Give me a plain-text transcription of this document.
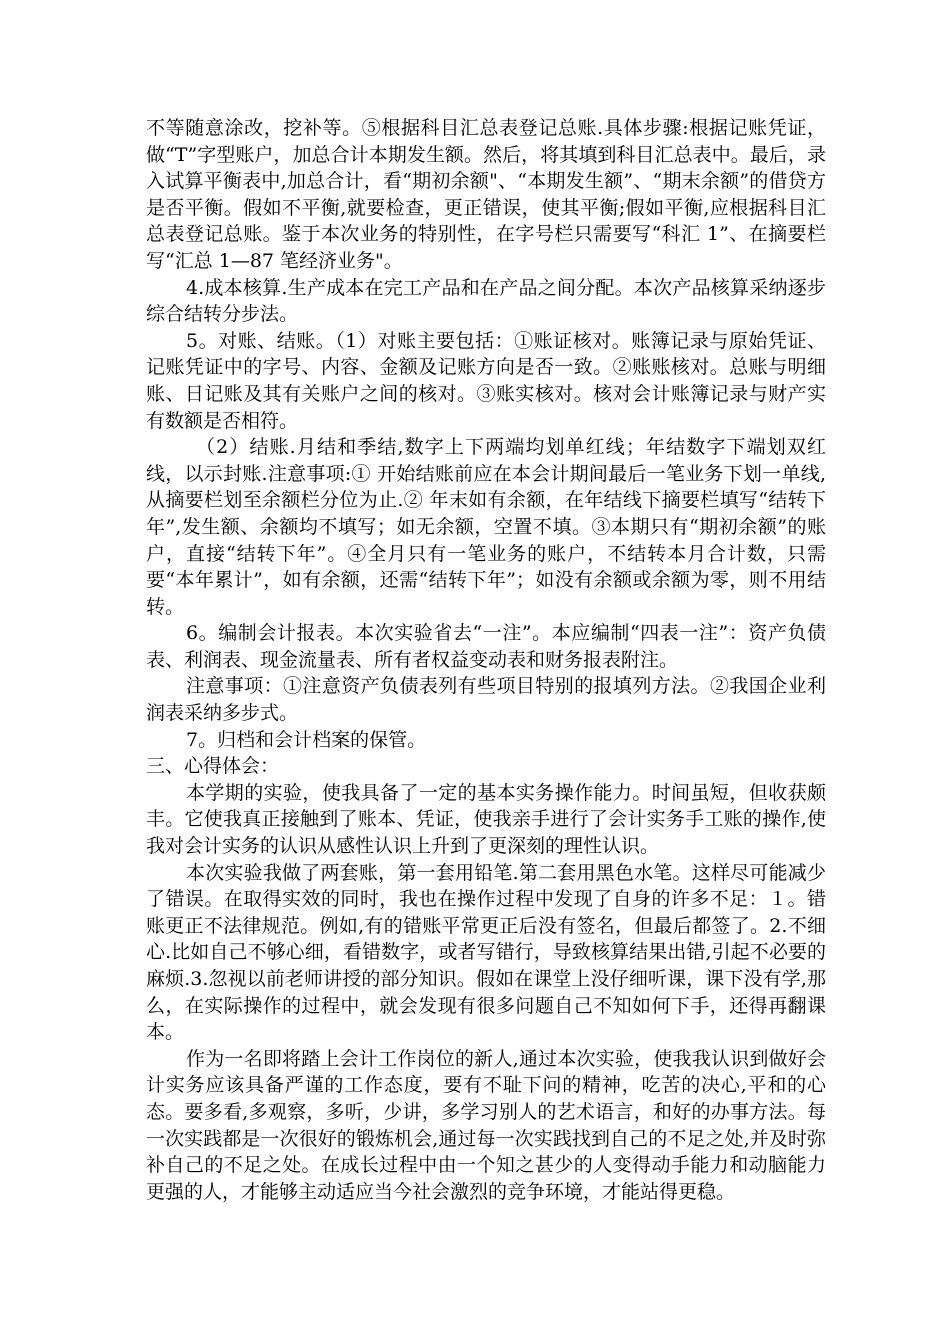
不等随意涂改，挖补等。⑤根据科目汇总表登记总账.具体步骤:根据记账凭证，做“T”字型账户，加总合计本期发生额。然后，将其填到科目汇总表中。最后，录入试算平衡表中,加总合计，看“期初余额"、“本期发生额”、“期末余额”的借贷方是否平衡。假如不平衡,就要检查，更正错误，使其平衡;假如平衡,应根据科目汇总表登记总账。鉴于本次业务的特别性，在字号栏只需要写“科汇 1”、在摘要栏写“汇总 1—87 笔经济业务"。

4.成本核算.生产成本在完工产品和在产品之间分配。本次产品核算采纳逐步综合结转分步法。

5。对账、结账。（1）对账主要包括：①账证核对。账簿记录与原始凭证、记账凭证中的字号、内容、金额及记账方向是否一致。②账账核对。总账与明细账、日记账及其有关账户之间的核对。③账实核对。核对会计账簿记录与财产实有数额是否相符。

（2）结账.月结和季结,数字上下两端均划单红线；年结数字下端划双红线，以示封账.注意事项:① 开始结账前应在本会计期间最后一笔业务下划一单线,从摘要栏划至余额栏分位为止.② 年末如有余额，在年结线下摘要栏填写“结转下年”,发生额、余额均不填写；如无余额，空置不填。③本期只有“期初余额”的账户，直接“结转下年”。④全月只有一笔业务的账户，不结转本月合计数，只需要“本年累计”，如有余额，还需“结转下年”；如没有余额或余额为零，则不用结转。

6。编制会计报表。本次实验省去“一注”。本应编制“四表一注”：资产负债表、利润表、现金流量表、所有者权益变动表和财务报表附注。

注意事项：①注意资产负债表列有些项目特别的报填列方法。②我国企业利润表采纳多步式。

7。归档和会计档案的保管。

三、心得体会：

本学期的实验，使我具备了一定的基本实务操作能力。时间虽短，但收获颇丰。它使我真正接触到了账本、凭证，使我亲手进行了会计实务手工账的操作,使我对会计实务的认识从感性认识上升到了更深刻的理性认识。

本次实验我做了两套账，第一套用铅笔.第二套用黑色水笔。这样尽可能减少了错误。在取得实效的同时，我也在操作过程中发现了自身的许多不足：１。错账更正不法律规范。例如,有的错账平常更正后没有签名，但最后都签了。2.不细心.比如自己不够心细，看错数字，或者写错行，导致核算结果出错,引起不必要的麻烦.3.忽视以前老师讲授的部分知识。假如在课堂上没仔细听课，课下没有学,那么，在实际操作的过程中，就会发现有很多问题自己不知如何下手，还得再翻课本。

作为一名即将踏上会计工作岗位的新人,通过本次实验，使我我认识到做好会计实务应该具备严谨的工作态度，要有不耻下问的精神，吃苦的决心,平和的心态。要多看,多观察，多听，少讲，多学习别人的艺术语言，和好的办事方法。每一次实践都是一次很好的锻炼机会,通过每一次实践找到自己的不足之处,并及时弥补自己的不足之处。在成长过程中由一个知之甚少的人变得动手能力和动脑能力更强的人，才能够主动适应当今社会激烈的竞争环境，才能站得更稳。
